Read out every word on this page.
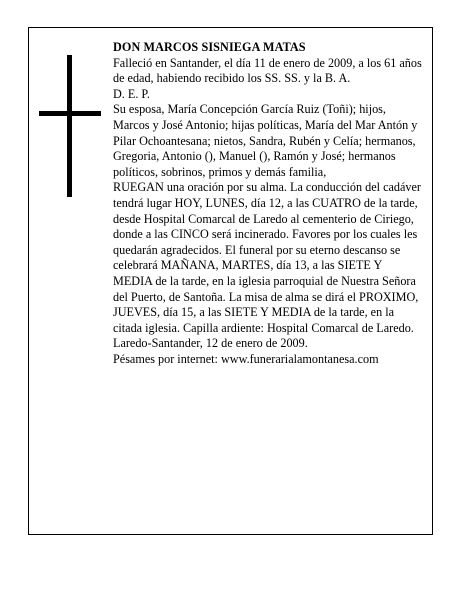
DON MARCOS SISNIEGA MATAS

Falleció en Santander, el día 11 de enero de 2009, a los 61 años de edad, habiendo recibido los SS. SS. y la B. A.

D. E. P.

Su esposa, María Concepción García Ruiz (Toñi); hijos, Marcos y José Antonio; hijas políticas, María del Mar Antón y Pilar Ochoantesana; nietos, Sandra, Rubén y Celía; hermanos, Gregoria, Antonio (), Manuel (), Ramón y José; hermanos políticos, sobrinos, primos y demás familia,

RUEGAN una oración por su alma. La conducción del cadáver tendrá lugar HOY, LUNES, día 12, a las CUATRO de la tarde, desde Hospital Comarcal de Laredo al cementerio de Ciriego, donde a las CINCO será incinerado. Favores por los cuales les quedarán agradecidos. El funeral por su eterno descanso se celebrará MAÑANA, MARTES, día 13, a las SIETE Y MEDIA de la tarde, en la iglesia parroquial de Nuestra Señora del Puerto, de Santoña. La misa de alma se dirá el PROXIMO, JUEVES, día 15, a las SIETE Y MEDIA de la tarde, en la citada iglesia. Capilla ardiente: Hospital Comarcal de Laredo.

Laredo-Santander, 12 de enero de 2009.

Pésames por internet: www.funerarialamontanesa.com
